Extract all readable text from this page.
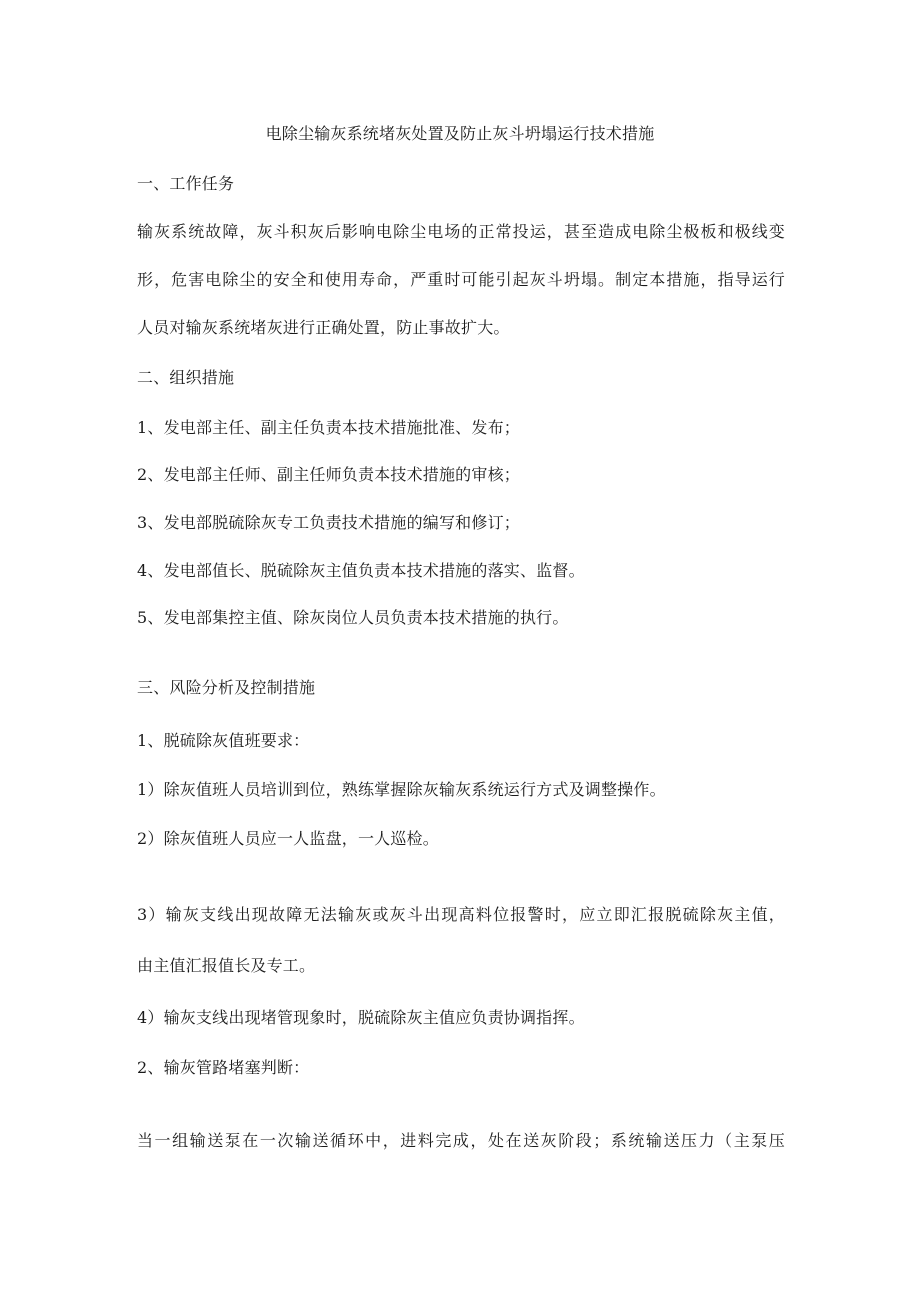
电除尘输灰系统堵灰处置及防止灰斗坍塌运行技术措施
一、工作任务
输灰系统故障，灰斗积灰后影响电除尘电场的正常投运，甚至造成电除尘极板和极线变
形，危害电除尘的安全和使用寿命，严重时可能引起灰斗坍塌。制定本措施，指导运行
人员对输灰系统堵灰进行正确处置，防止事故扩大。
二、组织措施
1、发电部主任、副主任负责本技术措施批准、发布；
2、发电部主任师、副主任师负责本技术措施的审核；
3、发电部脱硫除灰专工负责技术措施的编写和修订；
4、发电部值长、脱硫除灰主值负责本技术措施的落实、监督。
5、发电部集控主值、除灰岗位人员负责本技术措施的执行。
三、风险分析及控制措施
1、脱硫除灰值班要求：
1）除灰值班人员培训到位，熟练掌握除灰输灰系统运行方式及调整操作。
2）除灰值班人员应一人监盘，一人巡检。
3）输灰支线出现故障无法输灰或灰斗出现高料位报警时，应立即汇报脱硫除灰主值，
由主值汇报值长及专工。
4）输灰支线出现堵管现象时，脱硫除灰主值应负责协调指挥。
2、输灰管路堵塞判断：
当一组输送泵在一次输送循环中，进料完成，处在送灰阶段；系统输送压力（主泵压
